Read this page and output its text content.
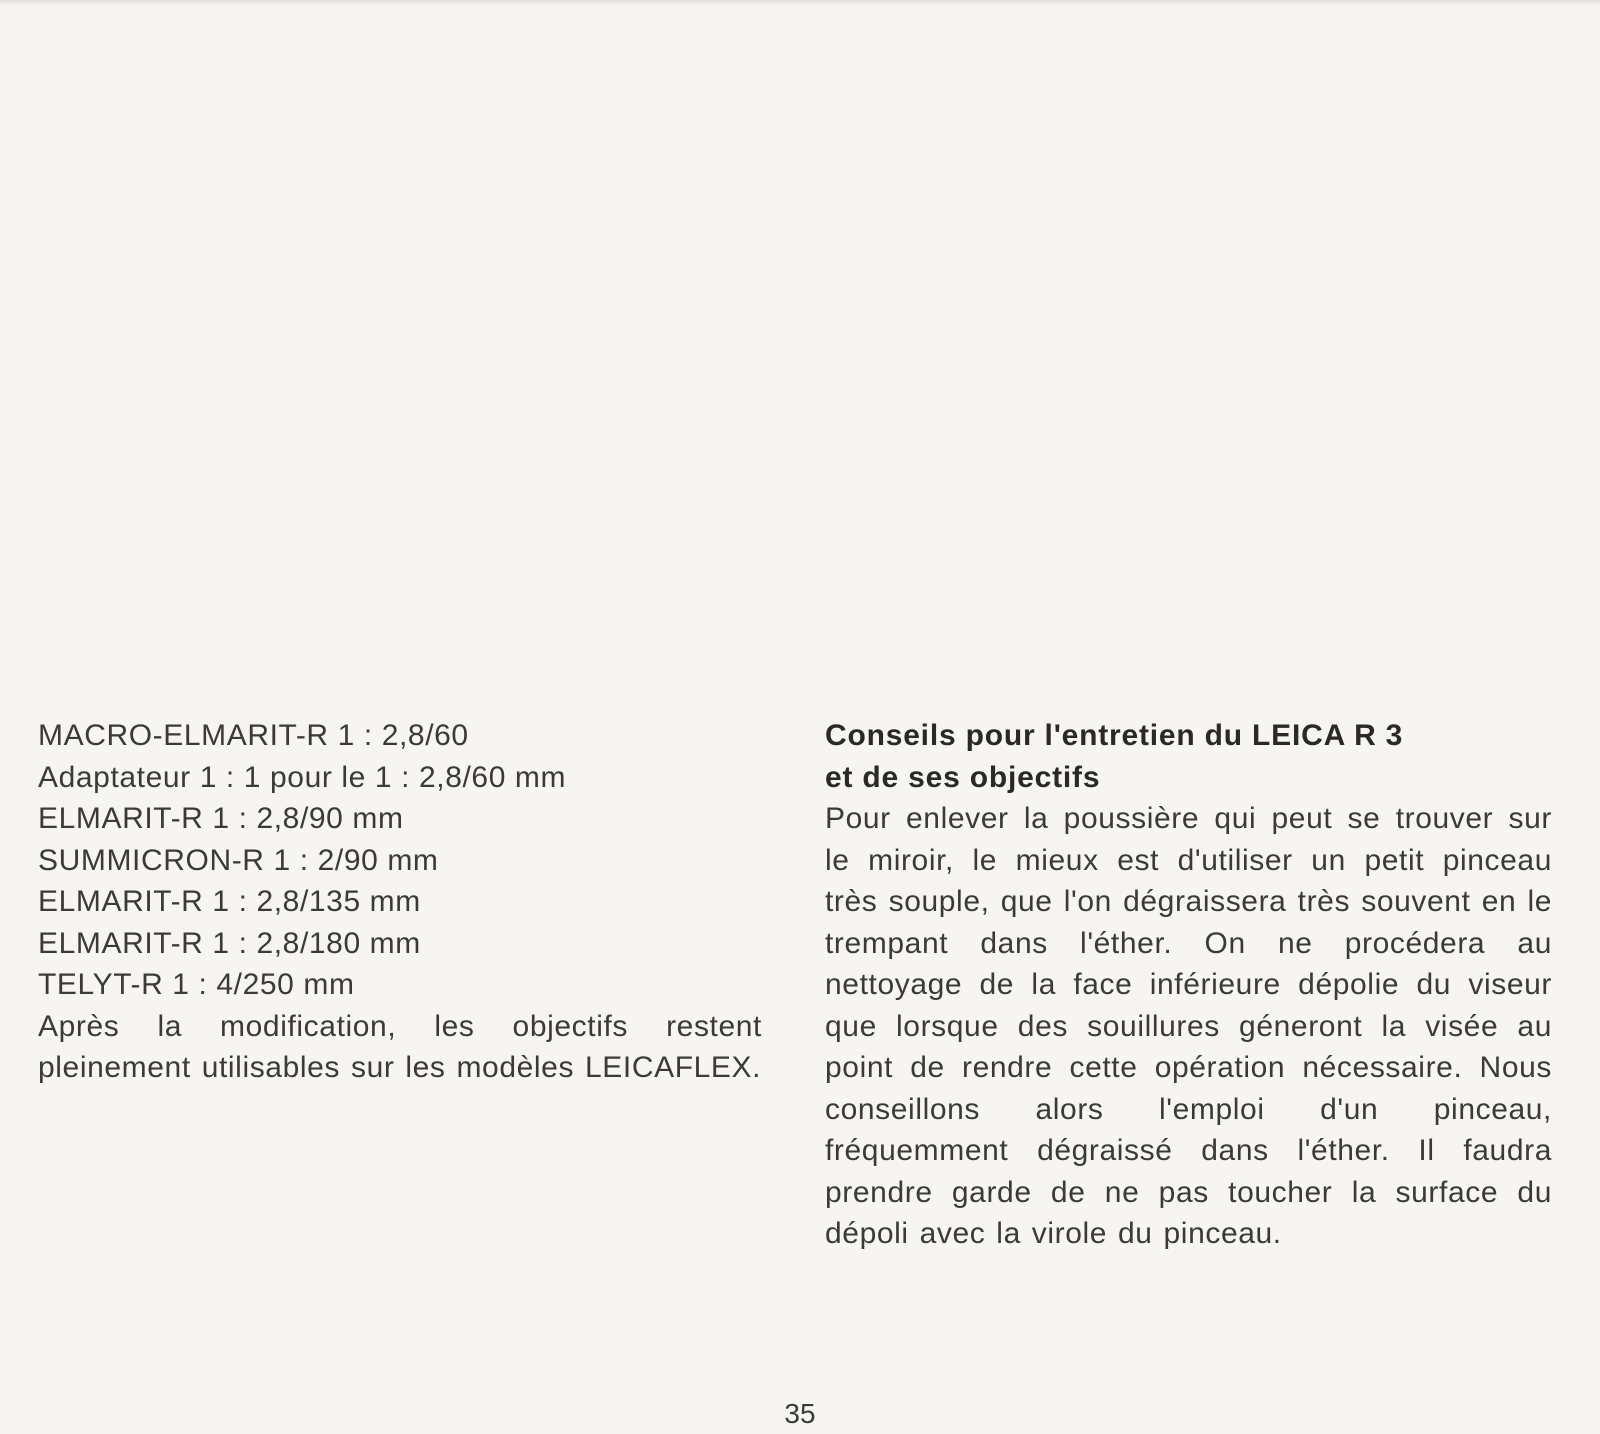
MACRO-ELMARIT-R 1 : 2,8/60
Adaptateur 1 : 1 pour le 1 : 2,8/60 mm
ELMARIT-R 1 : 2,8/90 mm
SUMMICRON-R 1 : 2/90 mm
ELMARIT-R 1 : 2,8/135 mm
ELMARIT-R 1 : 2,8/180 mm
TELYT-R 1 : 4/250 mm
Après la modification, les objectifs restent pleinement utilisables sur les modèles LEICAFLEX.
Conseils pour l'entretien du LEICA R 3
et de ses objectifs
Pour enlever la poussière qui peut se trouver sur le miroir, le mieux est d'utiliser un petit pinceau très souple, que l'on dégraissera très souvent en le trempant dans l'éther. On ne procédera au nettoyage de la face inférieure dépolie du viseur que lorsque des souillures géneront la visée au point de rendre cette opération nécessaire. Nous conseillons alors l'emploi d'un pinceau, fréquemment dégraissé dans l'éther. Il faudra prendre garde de ne pas toucher la surface du dépoli avec la virole du pinceau.
35
